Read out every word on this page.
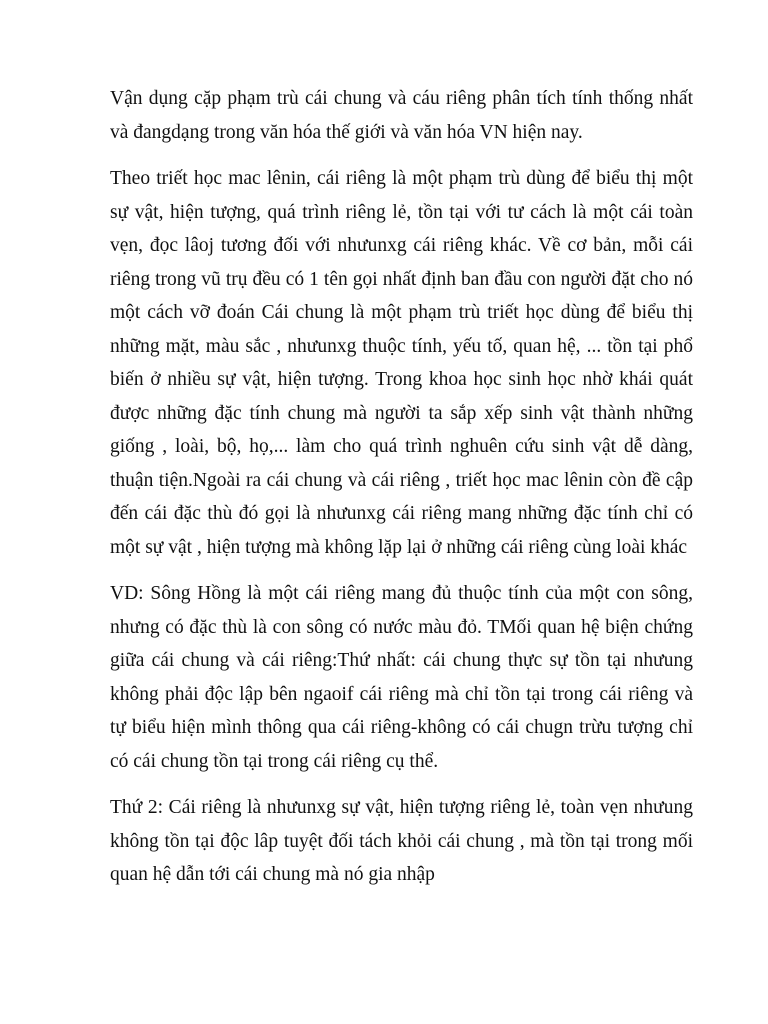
Vận dụng cặp phạm trù cái chung và cáu riêng phân tích tính thống nhất và đangdạng trong văn hóa thế giới và văn hóa VN hiện nay.

Theo triết học mac lênin, cái riêng là một phạm trù dùng để biểu thị một sự vật, hiện tượng, quá trình riêng lẻ, tồn tại với tư cách là một cái toàn vẹn, đọc lâoj tương đối với nhưunxg cái riêng khác. Về cơ bản, mỗi cái riêng trong vũ trụ đều có 1 tên gọi nhất định ban đầu con người đặt cho nó một cách vỡ đoán Cái chung là một phạm trù triết học dùng để biểu thị những mặt, màu sắc , nhưunxg thuộc tính, yếu tố, quan hệ, ... tồn tại phổ biến ở nhiều sự vật, hiện tượng. Trong khoa học sinh học nhờ khái quát được những đặc tính chung mà người ta sắp xếp sinh vật thành những giống , loài, bộ, họ,... làm cho quá trình nghuên cứu sinh vật dễ dàng, thuận tiện.Ngoài ra cái chung và cái riêng , triết học mac lênin còn đề cập đến cái đặc thù đó gọi là nhưunxg cái riêng mang những đặc tính chỉ có một sự vật , hiện tượng mà không lặp lại ở những cái riêng cùng loài khác

VD: Sông Hồng là một cái riêng mang đủ thuộc tính của một con sông, nhưng có đặc thù là con sông có nước màu đỏ. TMối quan hệ biện chứng giữa cái chung và cái riêng:Thứ nhất: cái chung thực sự tồn tại nhưung không phải độc lập bên ngaoif cái riêng mà chỉ tồn tại trong cái riêng và tự biểu hiện mình thông qua cái riêng-không có cái chugn trừu tượng chỉ có cái chung tồn tại trong cái riêng cụ thể.

Thứ 2: Cái riêng là nhưunxg sự vật, hiện tượng riêng lẻ, toàn vẹn nhưung không tồn tại độc lâp tuyệt đối tách khỏi cái chung , mà tồn tại trong mối quan hệ dẫn tới cái chung mà nó gia nhập
